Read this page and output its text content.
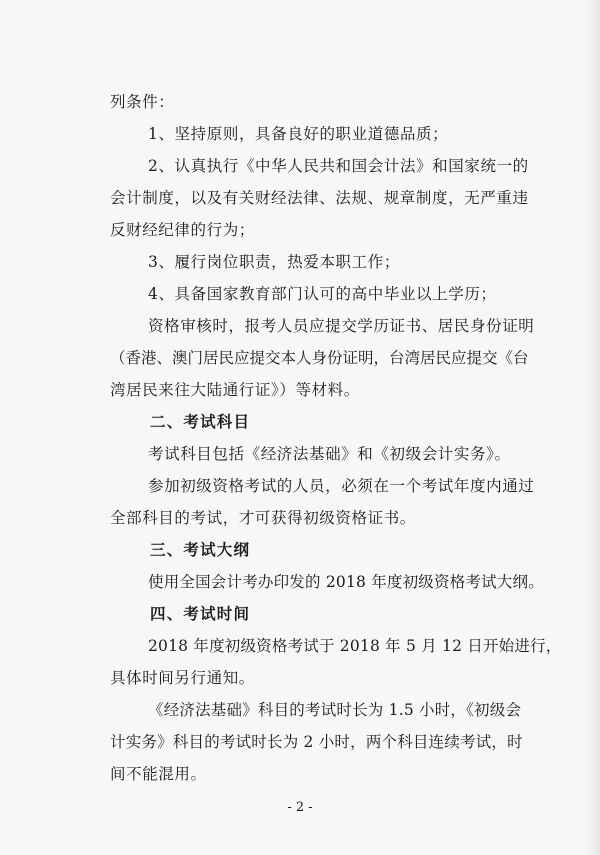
列条件：
1、坚持原则，具备良好的职业道德品质；
2、认真执行《中华人民共和国会计法》和国家统一的
会计制度，以及有关财经法律、法规、规章制度，无严重违
反财经纪律的行为；
3、履行岗位职责，热爱本职工作；
4、具备国家教育部门认可的高中毕业以上学历；
资格审核时，报考人员应提交学历证书、居民身份证明
（香港、澳门居民应提交本人身份证明，台湾居民应提交《台
湾居民来往大陆通行证》）等材料。
二、考试科目
考试科目包括《经济法基础》和《初级会计实务》。
参加初级资格考试的人员，必须在一个考试年度内通过
全部科目的考试，才可获得初级资格证书。
三、考试大纲
使用全国会计考办印发的 2018 年度初级资格考试大纲。
四、考试时间
2018 年度初级资格考试于 2018 年 5 月 12 日开始进行，
具体时间另行通知。
《经济法基础》科目的考试时长为 1.5 小时，《初级会
计实务》科目的考试时长为 2 小时，两个科目连续考试，时
间不能混用。
- 2 -
